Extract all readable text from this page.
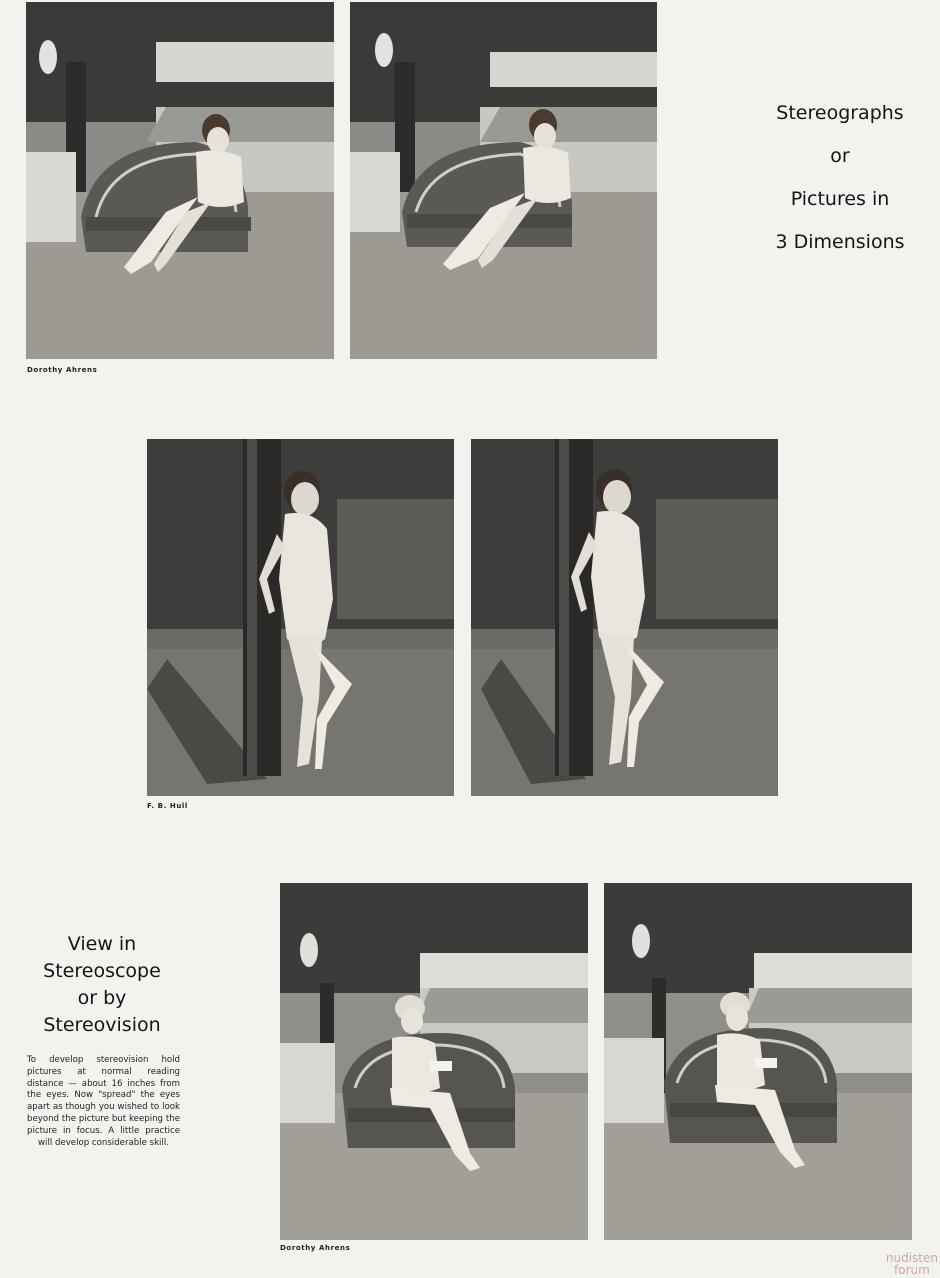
Dorothy Ahrens
Stereographs
or
Pictures in
3 Dimensions
F. B. Hull
View in
Stereoscope
or by
Stereovision
To develop stereovision hold pictures at normal reading distance — about 16 inches from the eyes. Now "spread" the eyes apart as though you wished to look beyond the picture but keeping the picture in focus. A little practice will develop considerable skill.
Dorothy Ahrens
nudisten
forum
